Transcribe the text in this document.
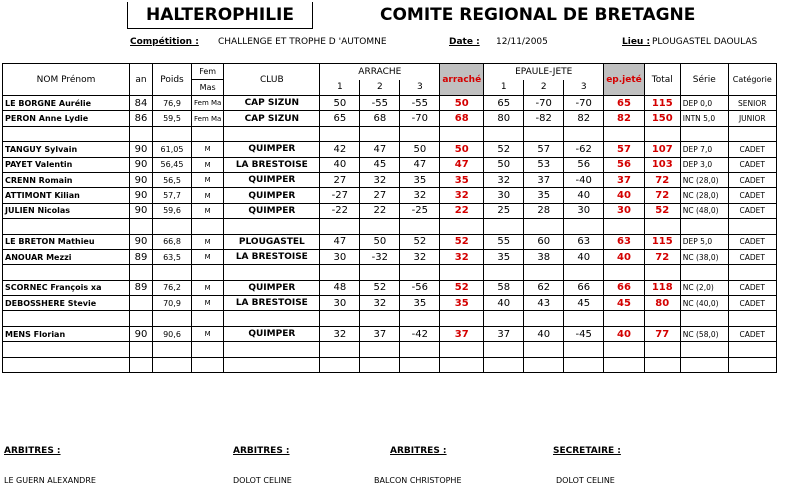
HALTEROPHILIE	COMITE REGIONAL DE BRETAGNE
Compétition : CHALLENGE ET TROPHE D 'AUTOMNE	Date : 12/11/2005	Lieu : PLOUGASTEL DAOULAS
NOM Prénom	an	Poids	Fem	CLUB	ARRACHE			arraché	EPAULE-JETE			ep.jeté	Total	Série	Catégorie
			Mas		1	2	3		1	2	3				
LE BORGNE Aurélie	84	76,9	Fem Ma	CAP SIZUN	50	-55	-55	50	65	-70	-70	65	115	DEP 0,0	SENIOR
PERON Anne Lydie	86	59,5	Fem Ma	CAP SIZUN	65	68	-70	68	80	-82	82	82	150	INTN 5,0	JUNIOR

TANGUY Sylvain	90	61,05	M	QUIMPER	42	47	50	50	52	57	-62	57	107	DEP 7,0	CADET
PAYET Valentin	90	56,45	M	LA BRESTOISE	40	45	47	47	50	53	56	56	103	DEP 3,0	CADET
CRENN Romain	90	56,5	M	QUIMPER	27	32	35	35	32	37	-40	37	72	NC (28,0)	CADET
ATTIMONT Kilian	90	57,7	M	QUIMPER	-27	27	32	32	30	35	40	40	72	NC (28,0)	CADET
JULIEN Nicolas	90	59,6	M	QUIMPER	-22	22	-25	22	25	28	30	30	52	NC (48,0)	CADET

LE BRETON Mathieu	90	66,8	M	PLOUGASTEL	47	50	52	52	55	60	63	63	115	DEP 5,0	CADET
ANOUAR Mezzi	89	63,5	M	LA BRESTOISE	30	-32	32	32	35	38	40	40	72	NC (38,0)	CADET

SCORNEC François xa	89	76,2	M	QUIMPER	48	52	-56	52	58	62	66	66	118	NC (2,0)	CADET
DEBOSSHERE Stevie		70,9	M	LA BRESTOISE	30	32	35	35	40	43	45	45	80	NC (40,0)	CADET

MENS Florian	90	90,6	M	QUIMPER	32	37	-42	37	37	40	-45	40	77	NC (58,0)	CADET

ARBITRES :
LE GUERN ALEXANDRE
ARBITRES :
DOLOT CELINE
ARBITRES :
BALCON CHRISTOPHE
SECRETAIRE :
DOLOT CELINE
